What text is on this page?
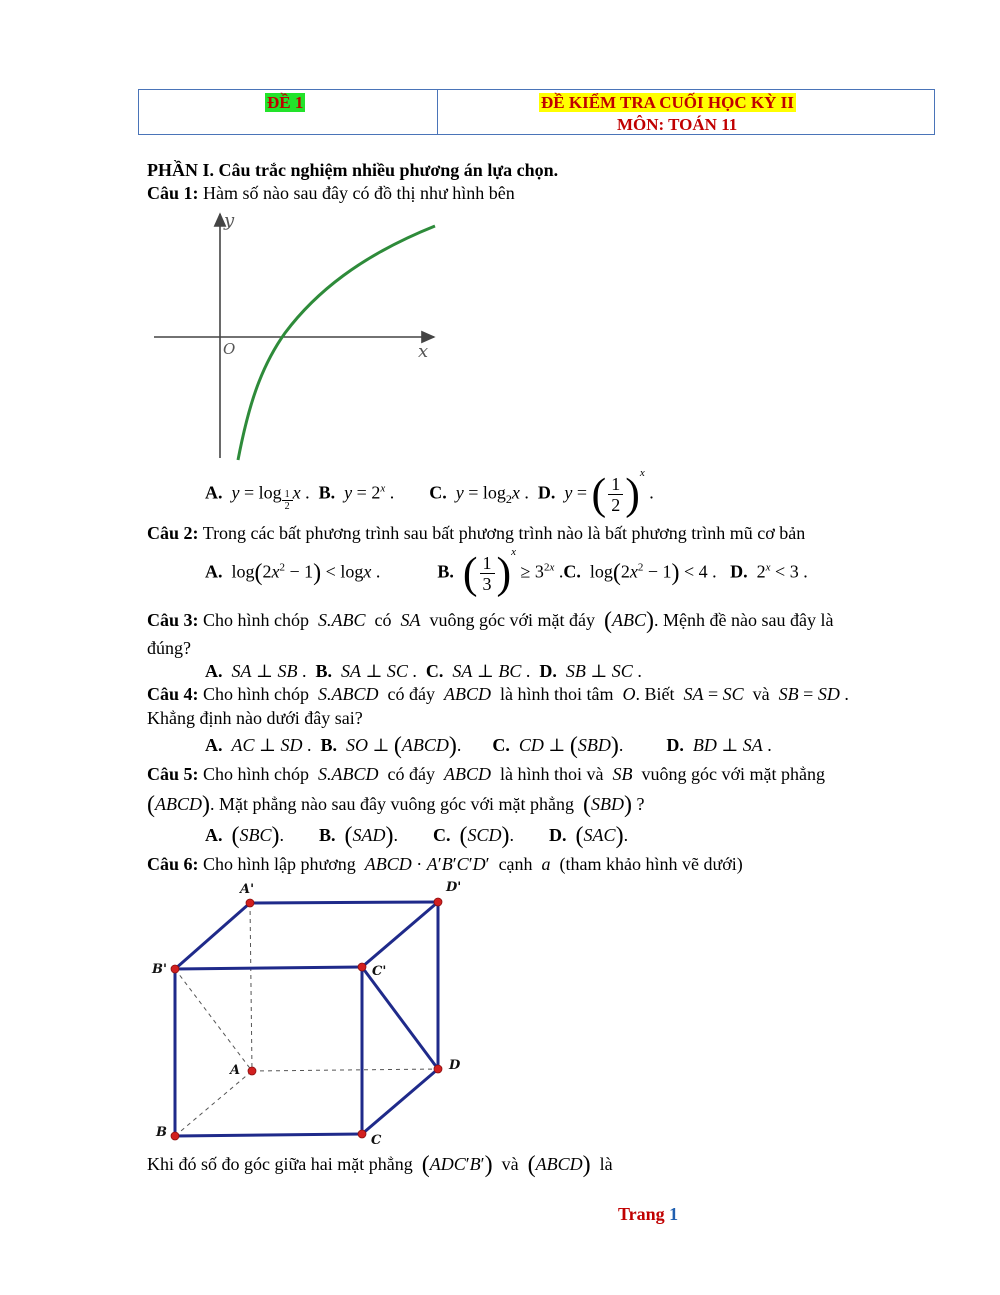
ĐỀ 1	ĐỀ KIỂM TRA CUỐI HỌC KỲ II
MÔN: TOÁN 11
PHẦN I. Câu trắc nghiệm nhiều phương án lựa chọn.
Câu 1: Hàm số nào sau đây có đồ thị như hình bên
y
x
O
A. y = log $_{\frac{1}{2}}$ x .  B. $y = 2^x$ .  C. $y = \log_2x$ .  D. y = ( $\frac{1}{2} )^x$ .
Câu 2: Trong các bất phương trình sau bất phương trình nào là bất phương trình mũ cơ bản
A.  $\log(2x^2 - 1) < \log x$ .	B. ( $\frac{1}{3} )^x \ge 3^{2x}$ .C.  $\log(2x^2 - 1) < 4$ .   D.  $2^x < 3$ .
Câu 3: Cho hình chóp S.ABC có SA vuông góc với mặt đáy (ABC). Mệnh đề nào sau đây là
đúng?
A. SA ⊥ SB .  B. SA ⊥ SC .  C. SA ⊥ BC .  D. SB ⊥ SC .
Câu 4: Cho hình chóp S.ABCD có đáy ABCD là hình thoi tâm O. Biết SA = SC và SB = SD .
Khẳng định nào dưới đây sai?
A. AC ⊥ SD .  B. SO ⊥ (ABCD).  C. CD ⊥ (SBD).  D. BD ⊥ SA .
Câu 5: Cho hình chóp S.ABCD có đáy ABCD là hình thoi và SB vuông góc với mặt phẳng
(ABCD). Mặt phẳng nào sau đây vuông góc với mặt phẳng (SBD) ?
A. (SBC).  B. (SAD).  C. (SCD).  D. (SAC).
Câu 6: Cho hình lập phương ABCD · A′B′C′D′  cạnh a (tham khảo hình vẽ dưới)
A'	D'
B'	C'
A	D
B
C
Khi đó số đo góc giữa hai mặt phẳng (ADC′B′) và (ABCD) là
Trang 1
